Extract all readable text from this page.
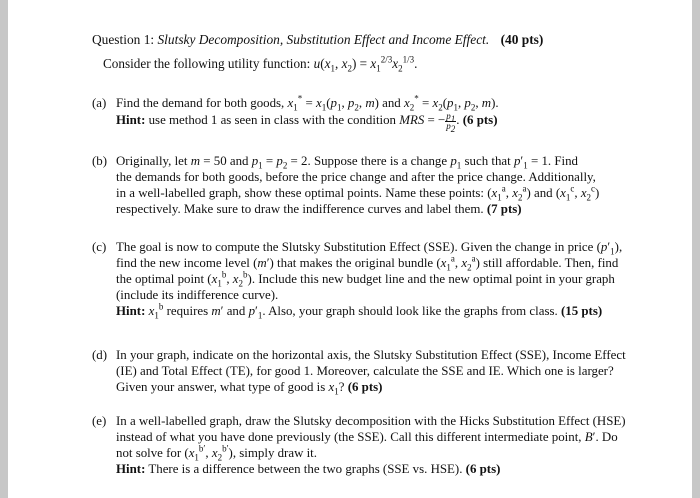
Question 1: Slutsky Decomposition, Substitution Effect and Income Effect. (40 pts)
Consider the following utility function: $u(x_1$, $x_2) = x_1^{2/3}x_2^{1/3}$.
(a) Find the demand for both goods, $x_1^* = x_1(p_1$, $p_2$, m) and $x_2^* = x_2(p_1$, $p_2$, m).
Hint: use method 1 as seen in class with the condition MRS = − $\frac{p_1}{p_2}$ . (6 pts)
(b) Originally, let m = 50 and $p_1 = p_2 = 2$. Suppose there is a change $p_1$ such that $p'_1 = 1$. Find
the demands for both goods, before the price change and after the price change. Additionally,
in a well-labelled graph, show these optimal points. Name these points: ($x_1^a$, $x_2^a$) and ($x_1^c$, $x_2^c$)
respectively. Make sure to draw the indifference curves and label them. (7 pts)
(c) The goal is now to compute the Slutsky Substitution Effect (SSE). Given the change in price $(p'_1)$,
find the new income level (m′) that makes the original bundle ($x_1^a$, $x_2^a$) still affordable. Then, find
the optimal point ($x_1^b$, $x_2^b$). Include this new budget line and the new optimal point in your graph
(include its indifference curve).
Hint: $x_1^b$ requires m′ and $p'_1$. Also, your graph should look like the graphs from class. (15 pts)
(d) In your graph, indicate on the horizontal axis, the Slutsky Substitution Effect (SSE), Income Effect
(IE) and Total Effect (TE), for good 1. Moreover, calculate the SSE and IE. Which one is larger?
Given your answer, what type of good is $x_1$? (6 pts)
(e) In a well-labelled graph, draw the Slutsky decomposition with the Hicks Substitution Effect (HSE)
instead of what you have done previously (the SSE). Call this different intermediate point, B′. Do
not solve for ($x_1^{b'}$, $x_2^{b'}$), simply draw it.
Hint: There is a difference between the two graphs (SSE vs. HSE). (6 pts)
